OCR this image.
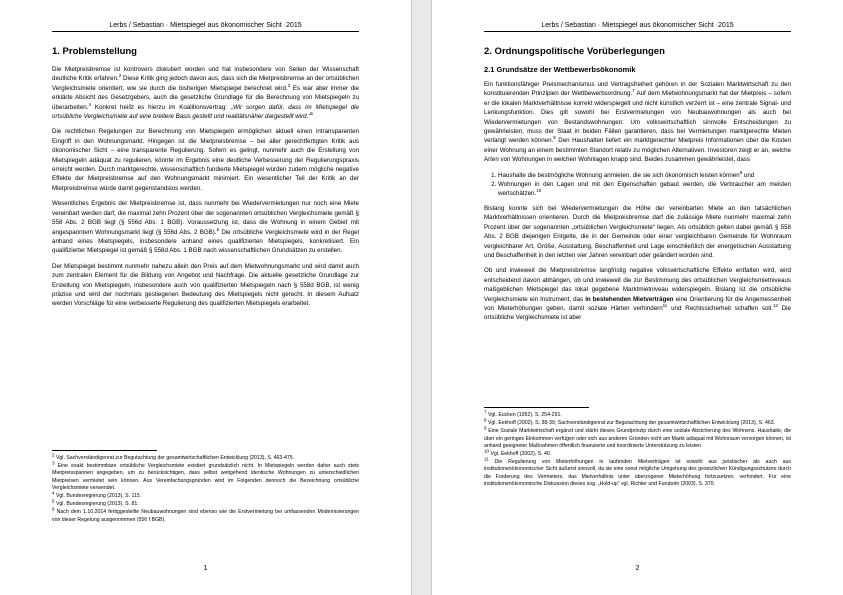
Lerbs / Sebastian · Mietspiegel aus ökonomischer Sicht ·2015
1. Problemstellung

Die Mietpreisbremse ist kontrovers diskutiert worden und hat insbesondere von Seiten der Wissenschaft deutliche Kritik erfahren.$^2$ Diese Kritik ging jedoch davon aus, dass sich die Mietpreisbremse an der ortsüblichen Vergleichsmiete orientiert, wie sie durch die bisherigen Mietspiegel berechnet wird.$^3$ Es war aber immer die erklärte Absicht des Gesetzgebers, auch die gesetzliche Grundlage für die Berechnung von Mietspiegeln zu überarbeiten.$^4$ Konkret heißt es hierzu im Koalitionsvertrag: „Wir sorgen dafür, dass im Mietspiegel die ortsübliche Vergleichsmiete auf eine breitere Basis gestellt und realitätsnäher dargestellt wird.“$^5$

Die rechtlichen Regelungen zur Berechnung von Mietspiegeln ermöglichen aktuell einen intransparenten Eingriff in den Wohnungsmarkt. Hingegen ist die Mietpreisbremse – bei aller gerechtfertigten Kritik aus ökonomischer Sicht – eine transparente Regulierung. Sofern es gelingt, nunmehr auch die Erstellung von Mietspiegeln adäquat zu regulieren, könnte im Ergebnis eine deutliche Verbesserung der Regulierungspraxis erreicht werden. Durch marktgerechte, wissenschaftlich fundierte Mietspiegel würden zudem mögliche negative Effekte der Mietpreisbremse auf den Wohnungsmarkt minimiert. Ein wesentlicher Teil der Kritik an der Mietpreisbremse würde damit gegenstandslos werden.

Wesentliches Ergebnis der Mietpreisbremse ist, dass nunmehr bei Wiedervermietungen nur noch eine Miete vereinbart werden darf, die maximal zehn Prozent über der sogenannten ortsüblichen Vergleichsmiete gemäß § 558 Abs. 2 BGB liegt (§ 556d Abs. 1 BGB). Voraussetzung ist, dass die Wohnung in einem Gebiet mit angespanntem Wohnungsmarkt liegt (§ 556d Abs. 2 BGB).$^6$ Die ortsübliche Vergleichsmiete wird in der Regel anhand eines Mietspiegels, insbesondere anhand eines qualifizierten Mietspiegels, konkretisiert. Ein qualifizierter Mietspiegel ist gemäß § 558d Abs. 1 BGB nach wissenschaftlichen Grundsätzen zu erstellen.

Der Mietspiegel bestimmt nunmehr nahezu allein den Preis auf dem Mietwohnungsmarkt und wird damit auch zum zentralen Element für die Bildung von Angebot und Nachfrage. Die aktuelle gesetzliche Grundlage zur Erstellung von Mietspiegeln, insbesondere auch von qualifizierten Mietspiegeln nach § 558d BGB, ist wenig präzise und wird der nochmals gestiegenen Bedeutung des Mietspiegels nicht gerecht. In diesem Aufsatz werden Vorschläge für eine verbesserte Regulierung des qualifizierten Mietspiegels erarbeitet.

$^2$ Vgl. Sachverständigenrat zur Begutachtung der gesamtwirtschaftlichen Entwicklung (2013), S. 463-475.
$^3$ Eine exakt bestimmbare ortsübliche Vergleichsmiete existiert grundsätzlich nicht. In Mietspiegeln werden daher auch stets Mietpreisspannen angegeben, um zu berücksichtigen, dass selbst weitgehend identische Wohnungen zu unterschiedlichen Mietpreisen vermietet sein können. Aus Vereinfachungsgründen wird im Folgenden dennoch die Bezeichnung ortsübliche Vergleichsmiete verwendet.
$^4$ Vgl. Bundesregierung (2013), S. 115.
$^5$ Vgl. Bundesregierung (2013), S. 81.
$^6$ Nach dem 1.10.2014 fertiggestellte Neubauwohnungen sind ebenso wie die Erstvermietung bei umfassenden Modernisierungen von dieser Regelung ausgenommen (556 f BGB).
1
Lerbs / Sebastian · Mietspiegel aus ökonomischer Sicht ·2015
2. Ordnungspolitische Vorüberlegungen
2.1 Grundsätze der Wettbewerbsökonomik

Ein funktionsfähiger Preismechanismus und Vertragsfreiheit gehören in der Sozialen Marktwirtschaft zu den konstituierenden Prinzipien der Wettbewerbsordnung.$^7$ Auf dem Mietwohnungsmarkt hat der Mietpreis – sofern er die lokalen Marktverhältnisse korrekt widerspiegelt und nicht künstlich verzerrt ist – eine zentrale Signal- und Lenkungsfunktion. Dies gilt sowohl bei Erstvermietungen von Neubauwohnungen als auch bei Wiedervermietungen von Bestandswohnungen: Um volkswirtschaftlich sinnvolle Entscheidungen zu gewährleisten, muss der Staat in beiden Fällen garantieren, dass bei Vermietungen marktgerechte Mieten verlangt werden können.$^8$ Den Haushalten liefert ein marktgerechter Mietpreis Informationen über die Kosten einer Wohnung an einem bestimmten Standort relativ zu möglichen Alternativen. Investoren zeigt er an, welche Arten von Wohnungen in welchen Wohnlagen knapp sind. Beides zusammen gewährleistet, dass

1. Haushalte die bestmögliche Wohnung anmieten, die sie sich ökonomisch leisten können$^9$ und
2. Wohnungen in den Lagen und mit den Eigenschaften gebaut werden, die Verbraucher am meisten wertschätzen.$^{10}$

Bislang konnte sich bei Wiedervermietungen die Höhe der vereinbarten Miete an den tatsächlichen Marktverhältnissen orientieren. Durch die Mietpreisbremse darf die zulässige Miete nunmehr maximal zehn Prozent über der sogenannten „ortsüblichen Vergleichsmiete“ liegen. Als ortsüblich gelten dabei gemäß § 558 Abs. 2 BGB diejenigen Entgelte, die in der Gemeinde oder einer vergleichbaren Gemeinde für Wohnraum vergleichbarer Art, Größe, Ausstattung, Beschaffenheit und Lage einschließlich der energetischen Ausstattung und Beschaffenheit in den letzten vier Jahren vereinbart oder geändert worden sind.

Ob und inwieweit die Mietpreisbremse langfristig negative volkswirtschaftliche Effekte entfalten wird, wird entscheidend davon abhängen, ob und inwieweit die zur Bestimmung des ortsüblichen Vergleichsmietniveaus maßgeblichen Mietspiegel das lokal gegebene Marktmietniveau widerspiegeln. Bislang ist die ortsübliche Vergleichsmiete ein Instrument, das in bestehenden Mietverträgen eine Orientierung für die Angemessenheit von Mieterhöhungen geben, damit soziale Härten verhindern$^{11}$ und Rechtssicherheit schaffen soll.$^{12}$ Die ortsübliche Vergleichsmiete ist aber

$^7$ Vgl. Eucken (1952), S. 254-291.
$^8$ Vgl. Eekhoff (2002), S. 38-39; Sachverständigenrat zur Begutachtung der gesamtwirtschaftlichen Entwicklung (2013), S. 463.
$^9$ Eine Soziale Marktwirtschaft ergänzt und stärkt dieses Grundprinzip durch eine soziale Absicherung des Wohnens. Haushalte, die über ein geringes Einkommen verfügen oder sich aus anderen Gründen nicht am Markt adäquat mit Wohnraum versorgen können, ist anhand geeigneter Maßnahmen öffentlich finanzierte und koordinierte Unterstützung zu leisten.
$^{10}$ Vgl. Eekhoff (2002), S. 40.
$^{11}$ Die Regulierung von Mieterhöhungen in laufenden Mietverträgen ist sowohl aus juristischer als auch aus institutionenökonomischer Sicht äußerst sinnvoll, da sie eine sonst mögliche Umgehung des gesetzlichen Kündigungsschutzes durch die Forderung des Vermieters, das Mietverhältnis unter überzogener Mieterhöhung fortzusetzen, verhindert. Für eine institutionenökonomische Diskussion dieses sog. „Hold-up“ vgl. Richter und Furubotn (2003), S. 370.
2
